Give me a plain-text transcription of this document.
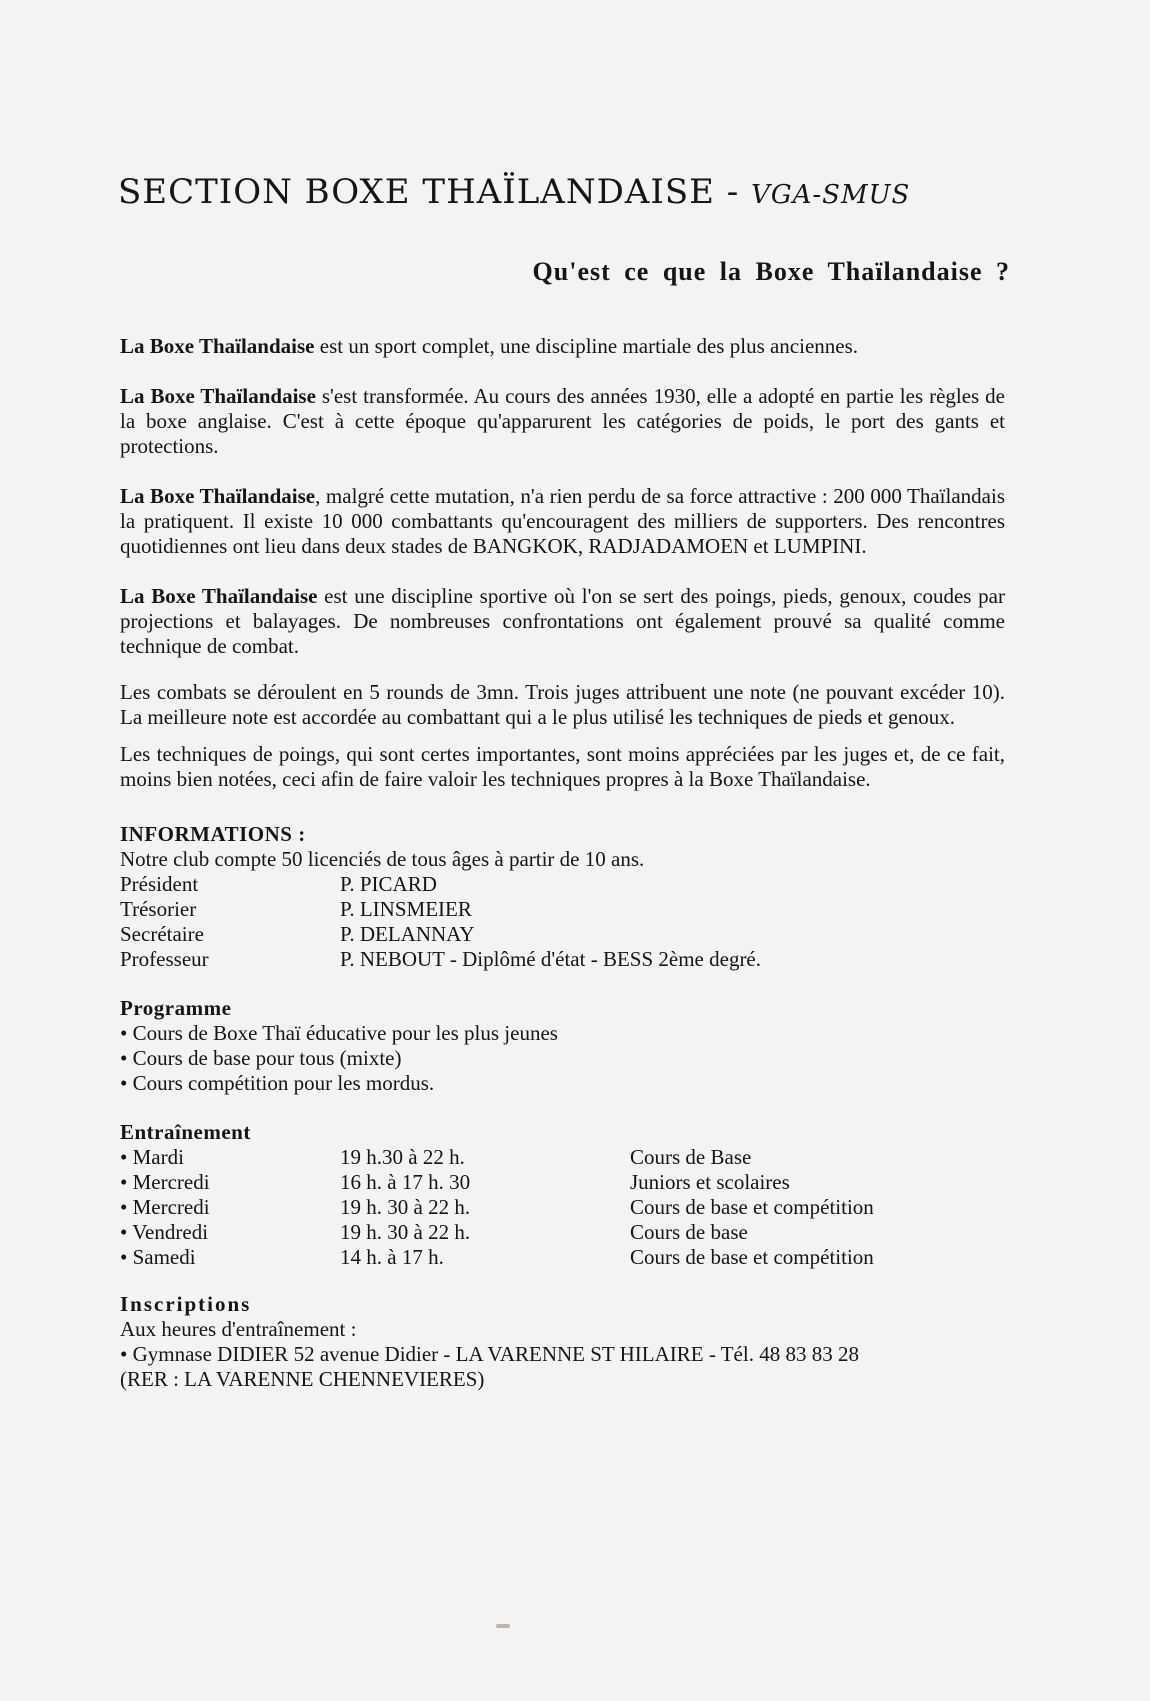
SECTION BOXE THAÏLANDAISE - VGA-SMUS
Qu'est ce que la Boxe Thaïlandaise ?

La Boxe Thaïlandaise est un sport complet, une discipline martiale des plus anciennes.

La Boxe Thaïlandaise s'est transformée. Au cours des années 1930, elle a adopté en partie les règles de la boxe anglaise. C'est à cette époque qu'apparurent les catégories de poids, le port des gants et protections.

La Boxe Thaïlandaise, malgré cette mutation, n'a rien perdu de sa force attractive : 200 000 Thaïlandais la pratiquent. Il existe 10 000 combattants qu'encouragent des milliers de supporters. Des rencontres quotidiennes ont lieu dans deux stades de BANGKOK, RADJADAMOEN et LUMPINI.

La Boxe Thaïlandaise est une discipline sportive où l'on se sert des poings, pieds, genoux, coudes par projections et balayages. De nombreuses confrontations ont également prouvé sa qualité comme technique de combat.

Les combats se déroulent en 5 rounds de 3mn. Trois juges attribuent une note (ne pouvant excéder 10). La meilleure note est accordée au combattant qui a le plus utilisé les techniques de pieds et genoux.

Les techniques de poings, qui sont certes importantes, sont moins appréciées par les juges et, de ce fait, moins bien notées, ceci afin de faire valoir les techniques propres à la Boxe Thaïlandaise.

INFORMATIONS :
Notre club compte 50 licenciés de tous âges à partir de 10 ans.
Président	P. PICARD
Trésorier	P. LINSMEIER
Secrétaire	P. DELANNAY
Professeur	P. NEBOUT - Diplômé d'état - BESS 2ème degré.
Programme
• Cours de Boxe Thaï éducative pour les plus jeunes
• Cours de base pour tous (mixte)
• Cours compétition pour les mordus.
Entraînement
• Mardi	19 h.30 à 22 h.	Cours de Base
• Mercredi	16 h. à 17 h. 30	Juniors et scolaires
• Mercredi	19 h. 30 à 22 h.	Cours de base et compétition
• Vendredi	19 h. 30 à 22 h.	Cours de base
• Samedi	14 h. à 17 h.	Cours de base et compétition
Inscriptions
Aux heures d'entraînement :
• Gymnase DIDIER 52 avenue Didier - LA VARENNE ST HILAIRE - Tél. 48 83 83 28
(RER : LA VARENNE CHENNEVIERES)
